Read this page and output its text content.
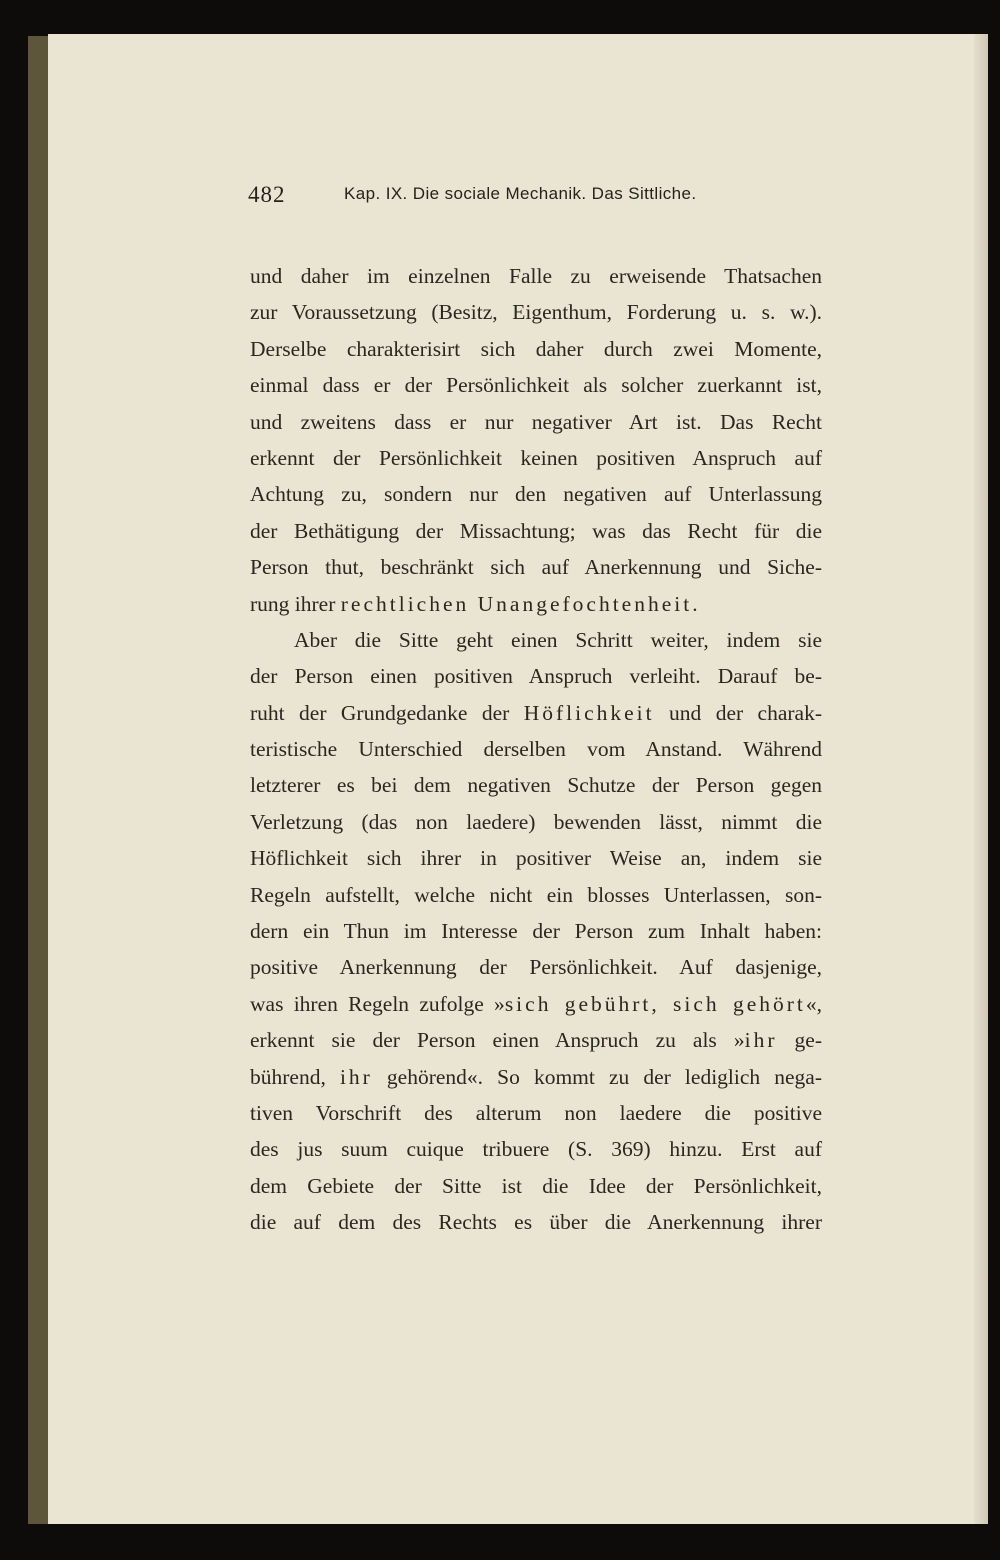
482	Kap. IX. Die sociale Mechanik. Das Sittliche.
und daher im einzelnen Falle zu erweisende Thatsachen
zur Voraussetzung (Besitz, Eigenthum, Forderung u. s. w.).
Derselbe charakterisirt sich daher durch zwei Momente,
einmal dass er der Persönlichkeit als solcher zuerkannt ist,
und zweitens dass er nur negativer Art ist. Das Recht
erkennt der Persönlichkeit keinen positiven Anspruch auf
Achtung zu, sondern nur den negativen auf Unterlassung
der Bethätigung der Missachtung; was das Recht für die
Person thut, beschränkt sich auf Anerkennung und Siche-
rung ihrer rechtlichen Unangefochtenheit.
Aber die Sitte geht einen Schritt weiter, indem sie
der Person einen positiven Anspruch verleiht. Darauf be-
ruht der Grundgedanke der Höflichkeit und der charak-
teristische Unterschied derselben vom Anstand. Während
letzterer es bei dem negativen Schutze der Person gegen
Verletzung (das non laedere) bewenden lässt, nimmt die
Höflichkeit sich ihrer in positiver Weise an, indem sie
Regeln aufstellt, welche nicht ein blosses Unterlassen, son-
dern ein Thun im Interesse der Person zum Inhalt haben:
positive Anerkennung der Persönlichkeit. Auf dasjenige,
was ihren Regeln zufolge »sich gebührt, sich gehört«,
erkennt sie der Person einen Anspruch zu als »ihr ge-
bührend, ihr gehörend«. So kommt zu der lediglich nega-
tiven Vorschrift des alterum non laedere die positive
des jus suum cuique tribuere (S. 369) hinzu. Erst auf
dem Gebiete der Sitte ist die Idee der Persönlichkeit,
die auf dem des Rechts es über die Anerkennung ihrer
